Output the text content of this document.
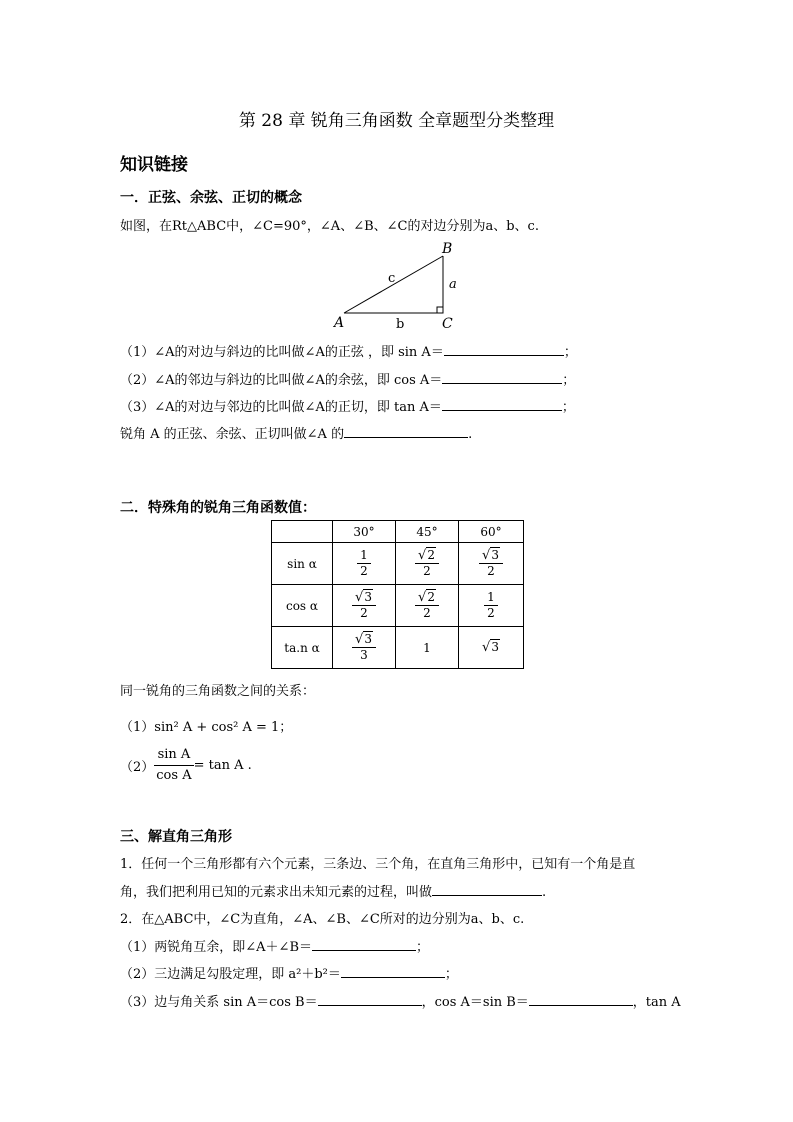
第 28 章 锐角三角函数 全章题型分类整理
知识链接
一．正弦、余弦、正切的概念
如图，在Rt△ABC中，∠C=90°，∠A、∠B、∠C的对边分别为a、b、c.
A
B
C
a
b
c
（1）∠A的对边与斜边的比叫做∠A的正弦 ，即 sin A＝	；
（2）∠A的邻边与斜边的比叫做∠A的余弦，即 cos A＝	；
（3）∠A的对边与邻边的比叫做∠A的正切，即 tan A＝	；
锐角 A 的正弦、余弦、正切叫做∠A 的	.
二．特殊角的锐角三角函数值：
	30°	45°	60°
sin α	$\frac{1}{2}$	$\frac{√2}{2}$	$\frac{√3}{2}$

cos α	$\frac{√3}{2}$	$\frac{√2}{2}$	$\frac{1}{2}$

ta.n α	$\frac{√3}{3}$	1	√3
同一锐角的三角函数之间的关系：
（1）sin² A + cos² A = 1；
$(2) \frac{\text{sin A}}{\text{cos A}} = \tan A$ .
三、解直角三角形
1．任何一个三角形都有六个元素，三条边、三个角，在直角三角形中，已知有一个角是直
角，我们把利用已知的元素求出未知元素的过程，叫做	.
2．在△ABC中，∠C为直角，∠A、∠B、∠C所对的边分别为a、b、c.
（1）两锐角互余，即∠A＋∠B＝	；
（2）三边满足勾股定理，即 a²＋b²＝	；
（3）边与角关系 sin A＝cos B＝	，cos A＝sin B＝	，tan A
